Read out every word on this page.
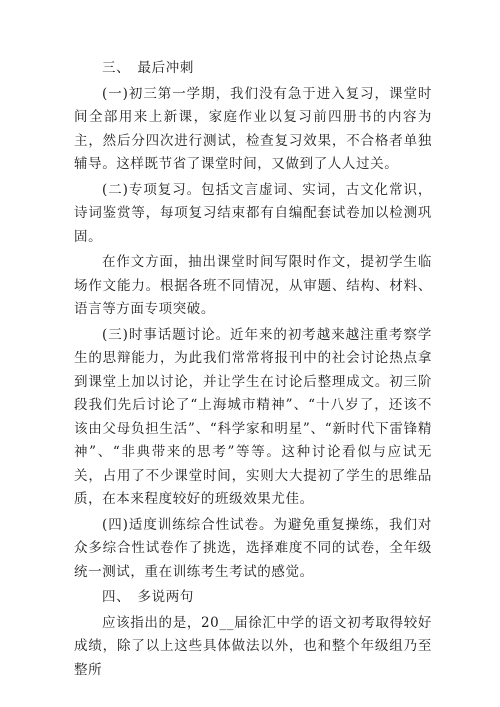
三、　最后冲刺

(一)初三第一学期，我们没有急于进入复习，课堂时间全部用来上新课，家庭作业以复习前四册书的内容为主，然后分四次进行测试，检查复习效果，不合格者单独辅导。这样既节省了课堂时间，又做到了人人过关。

(二)专项复习。包括文言虚词、实词，古文化常识，诗词鉴赏等，每项复习结束都有自编配套试卷加以检测巩固。

在作文方面，抽出课堂时间写限时作文，提初学生临场作文能力。根据各班不同情况，从审题、结构、材料、语言等方面专项突破。

(三)时事话题讨论。近年来的初考越来越注重考察学生的思辩能力，为此我们常常将报刊中的社会讨论热点拿到课堂上加以讨论，并让学生在讨论后整理成文。初三阶段我们先后讨论了“上海城市精神”、“十八岁了，还该不该由父母负担生活”、“科学家和明星”、“新时代下雷锋精神”、“非典带来的思考”等等。这种讨论看似与应试无关，占用了不少课堂时间，实则大大提初了学生的思维品质，在本来程度较好的班级效果尤佳。

(四)适度训练综合性试卷。为避免重复操练，我们对众多综合性试卷作了挑选，选择难度不同的试卷，全年级统一测试，重在训练考生考试的感觉。

四、　多说两句

应该指出的是，20__届徐汇中学的语文初考取得较好成绩，除了以上这些具体做法以外，也和整个年级组乃至整所
